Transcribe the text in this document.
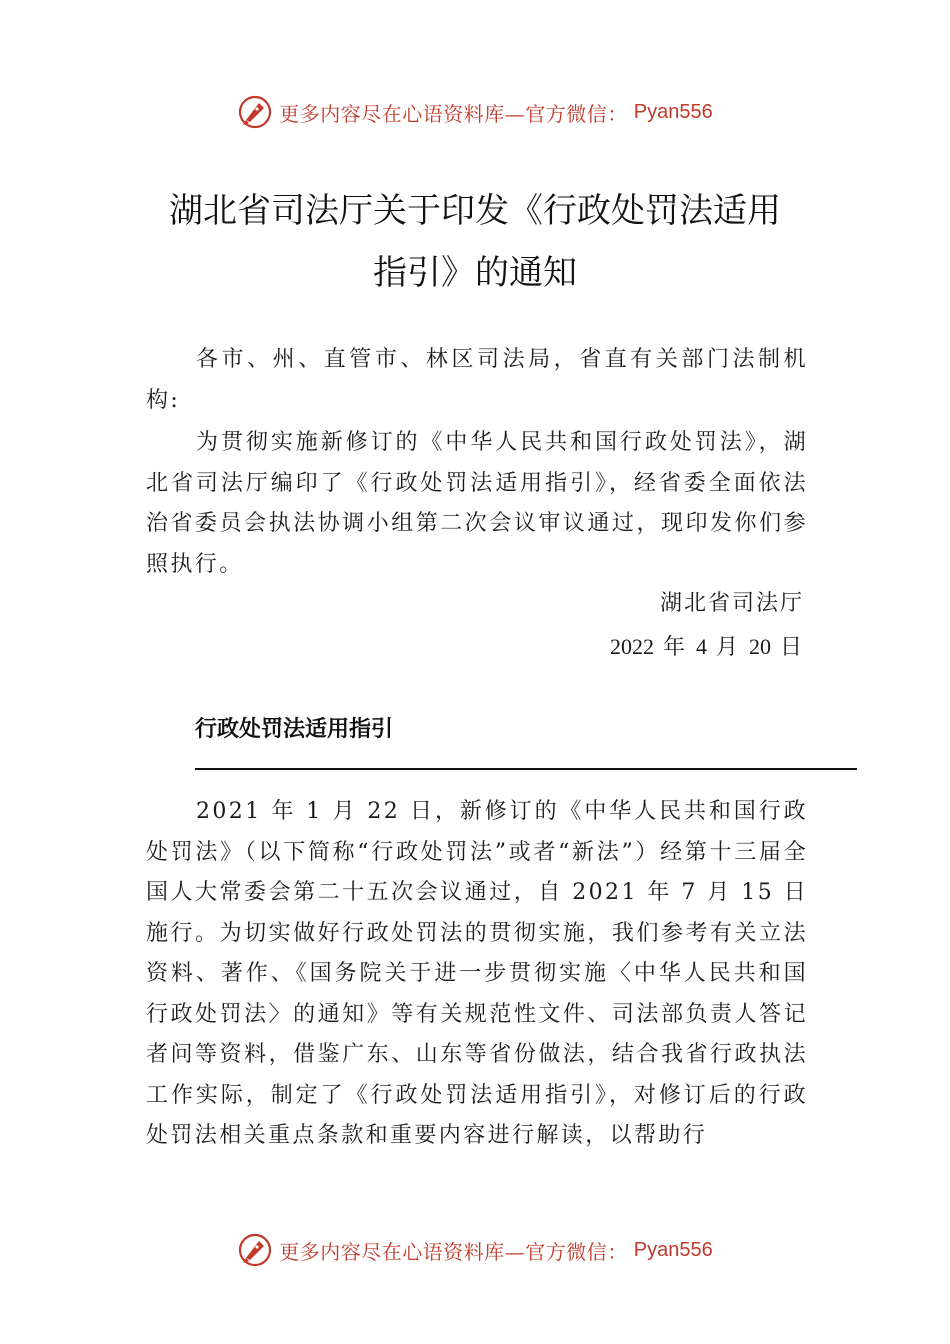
更多内容尽在心语资料库—官方微信： Pyan556
湖北省司法厅关于印发《行政处罚法适用
指引》的通知

各市、州、直管市、林区司法局，省直有关部门法制机构:

为贯彻实施新修订的《中华人民共和国行政处罚法》，湖北省司法厅编印了《行政处罚法适用指引》，经省委全面依法治省委员会执法协调小组第二次会议审议通过，现印发你们参照执行。

湖北省司法厅
2022 年 4 月 20 日
行政处罚法适用指引

2021 年 1 月 22 日，新修订的《中华人民共和国行政处罚法》（以下简称“行政处罚法”或者“新法”）经第十三届全国人大常委会第二十五次会议通过，自 2021 年 7 月 15 日施行。为切实做好行政处罚法的贯彻实施，我们参考有关立法资料、著作、《国务院关于进一步贯彻实施〈中华人民共和国行政处罚法〉的通知》等有关规范性文件、司法部负责人答记者问等资料，借鉴广东、山东等省份做法，结合我省行政执法工作实际，制定了《行政处罚法适用指引》，对修订后的行政处罚法相关重点条款和重要内容进行解读，以帮助行

更多内容尽在心语资料库—官方微信： Pyan556
